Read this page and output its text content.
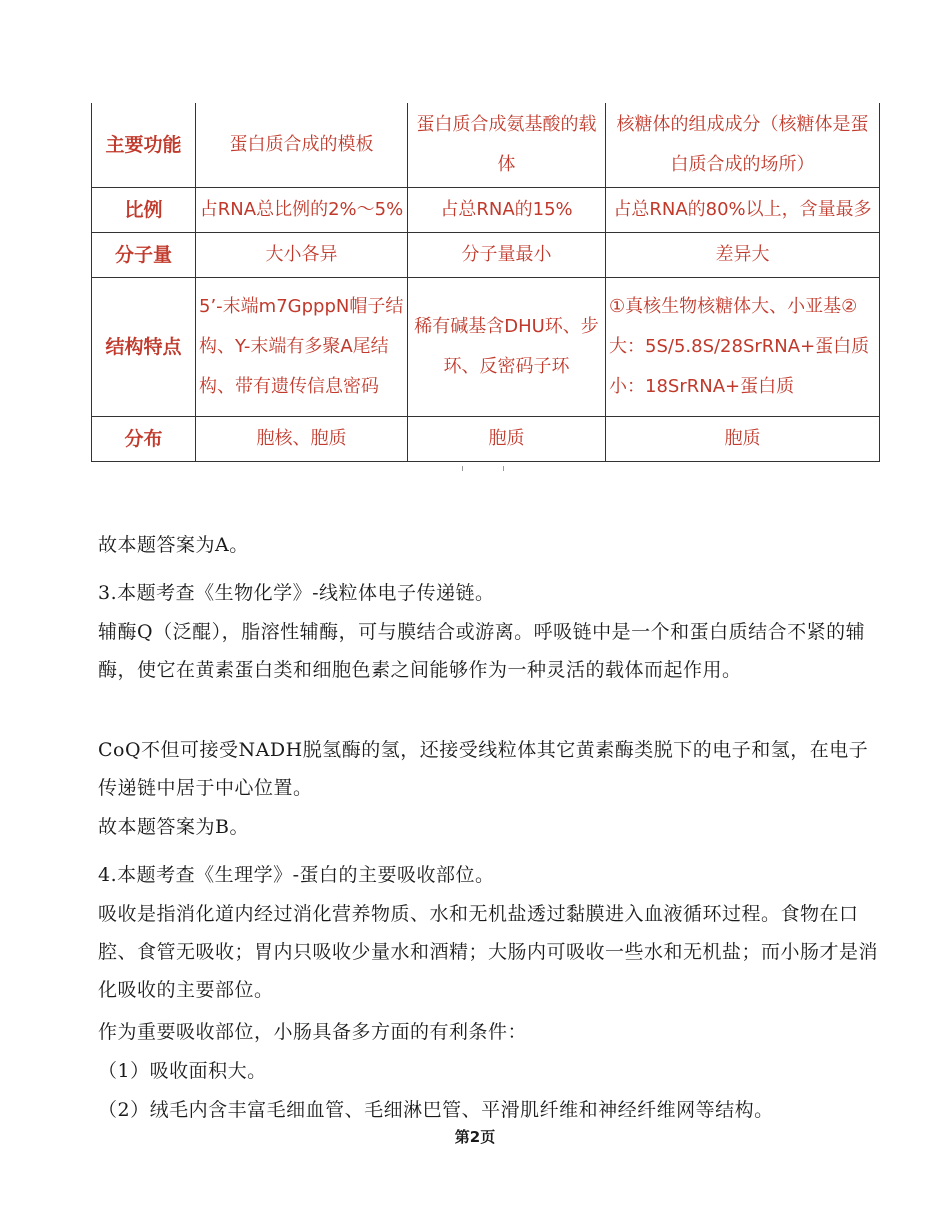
主要功能	蛋白质合成的模板	蛋白质合成氨基酸的载体	核糖体的组成成分（核糖体是蛋白质合成的场所）
比例	占RNA总比例的2%～5%	占总RNA的15%	占总RNA的80%以上，含量最多
分子量	大小各异	分子量最小	差异大
结构特点	5’-末端m7GpppN帽子结构、Y-末端有多聚A尾结构、带有遗传信息密码	稀有碱基含DHU环、步环、反密码子环	①真核生物核糖体大、小亚基②大：5S/5.8S/28SrRNA+蛋白质小：18SrRNA+蛋白质
分布	胞核、胞质	胞质	胞质

故本题答案为A。

3.本题考查《生物化学》-线粒体电子传递链。

辅酶Q（泛醌），脂溶性辅酶，可与膜结合或游离。呼吸链中是一个和蛋白质结合不紧的辅酶，使它在黄素蛋白类和细胞色素之间能够作为一种灵活的载体而起作用。

CoQ不但可接受NADH脱氢酶的氢，还接受线粒体其它黄素酶类脱下的电子和氢，在电子传递链中居于中心位置。

故本题答案为B。

4.本题考查《生理学》-蛋白的主要吸收部位。

吸收是指消化道内经过消化营养物质、水和无机盐透过黏膜进入血液循环过程。食物在口腔、食管无吸收；胃内只吸收少量水和酒精；大肠内可吸收一些水和无机盐；而小肠才是消化吸收的主要部位。

作为重要吸收部位，小肠具备多方面的有利条件：

（1）吸收面积大。

（2）绒毛内含丰富毛细血管、毛细淋巴管、平滑肌纤维和神经纤维网等结构。

第2页
